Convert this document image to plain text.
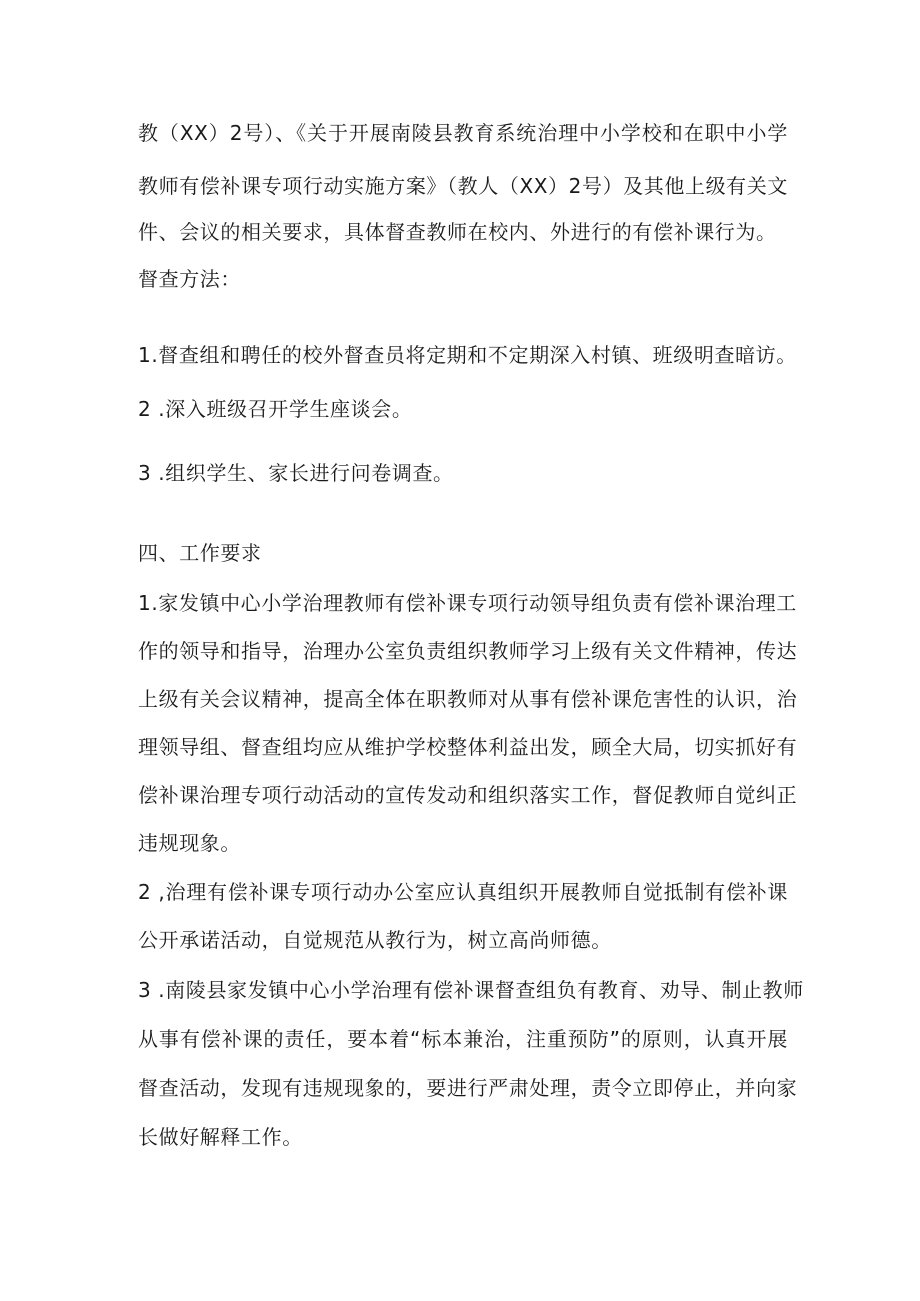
教（XX）2号）、《关于开展南陵县教育系统治理中小学校和在职中小学
教师有偿补课专项行动实施方案》（教人（XX）2号）及其他上级有关文
件、会议的相关要求，具体督查教师在校内、外进行的有偿补课行为。
督查方法：
1.督查组和聘任的校外督查员将定期和不定期深入村镇、班级明查暗访。
2 .深入班级召开学生座谈会。
3 .组织学生、家长进行问卷调查。
四、工作要求
1.家发镇中心小学治理教师有偿补课专项行动领导组负责有偿补课治理工
作的领导和指导，治理办公室负责组织教师学习上级有关文件精神，传达
上级有关会议精神，提高全体在职教师对从事有偿补课危害性的认识，治
理领导组、督查组均应从维护学校整体利益出发，顾全大局，切实抓好有
偿补课治理专项行动活动的宣传发动和组织落实工作，督促教师自觉纠正
违规现象。
2 ,治理有偿补课专项行动办公室应认真组织开展教师自觉抵制有偿补课
公开承诺活动，自觉规范从教行为，树立高尚师德。
3 .南陵县家发镇中心小学治理有偿补课督查组负有教育、劝导、制止教师
从事有偿补课的责任，要本着“标本兼治，注重预防”的原则，认真开展
督查活动，发现有违规现象的，要进行严肃处理，责令立即停止，并向家
长做好解释工作。
